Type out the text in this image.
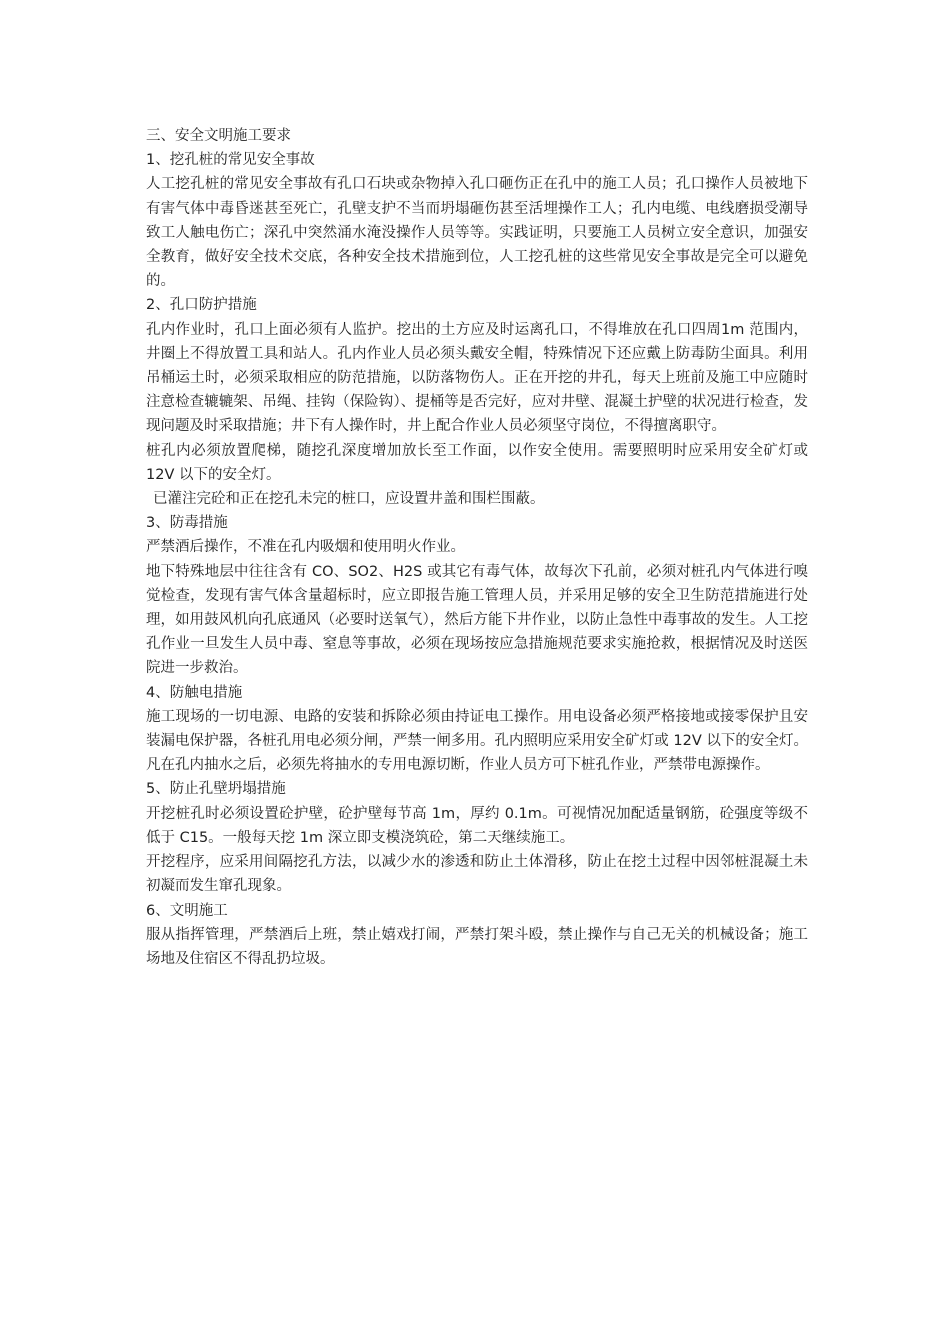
三、安全文明施工要求

1、挖孔桩的常见安全事故

人工挖孔桩的常见安全事故有孔口石块或杂物掉入孔口砸伤正在孔中的施工人员；孔口操作人员被地下有害气体中毒昏迷甚至死亡，孔壁支护不当而坍塌砸伤甚至活埋操作工人；孔内电缆、电线磨损受潮导致工人触电伤亡；深孔中突然涌水淹没操作人员等等。实践证明，只要施工人员树立安全意识，加强安全教育，做好安全技术交底，各种安全技术措施到位，人工挖孔桩的这些常见安全事故是完全可以避免的。

2、孔口防护措施

孔内作业时，孔口上面必须有人监护。挖出的土方应及时运离孔口，不得堆放在孔口四周1m 范围内，井圈上不得放置工具和站人。孔内作业人员必须头戴安全帽，特殊情况下还应戴上防毒防尘面具。利用吊桶运土时，必须采取相应的防范措施，以防落物伤人。正在开挖的井孔，每天上班前及施工中应随时注意检查辘辘架、吊绳、挂钩（保险钩）、提桶等是否完好，应对井壁、混凝土护壁的状况进行检查，发现问题及时采取措施；井下有人操作时，井上配合作业人员必须坚守岗位，不得擅离职守。

桩孔内必须放置爬梯，随挖孔深度增加放长至工作面，以作安全使用。需要照明时应采用安全矿灯或 12V 以下的安全灯。

已灌注完砼和正在挖孔未完的桩口，应设置井盖和围栏围蔽。

3、防毒措施

严禁酒后操作，不准在孔内吸烟和使用明火作业。

地下特殊地层中往往含有 CO、SO2、H2S 或其它有毒气体，故每次下孔前，必须对桩孔内气体进行嗅觉检查，发现有害气体含量超标时，应立即报告施工管理人员，并采用足够的安全卫生防范措施进行处理，如用鼓风机向孔底通风（必要时送氧气），然后方能下井作业，以防止急性中毒事故的发生。人工挖孔作业一旦发生人员中毒、窒息等事故，必须在现场按应急措施规范要求实施抢救，根据情况及时送医院进一步救治。

4、防触电措施

施工现场的一切电源、电路的安装和拆除必须由持证电工操作。用电设备必须严格接地或接零保护且安装漏电保护器，各桩孔用电必须分闸，严禁一闸多用。孔内照明应采用安全矿灯或 12V 以下的安全灯。凡在孔内抽水之后，必须先将抽水的专用电源切断，作业人员方可下桩孔作业，严禁带电源操作。

5、防止孔壁坍塌措施

开挖桩孔时必须设置砼护壁，砼护壁每节高 1m，厚约 0.1m。可视情况加配适量钢筋，砼强度等级不低于 C15。一般每天挖 1m 深立即支模浇筑砼，第二天继续施工。

开挖程序，应采用间隔挖孔方法，以减少水的渗透和防止土体滑移，防止在挖土过程中因邻桩混凝土未初凝而发生窜孔现象。

6、文明施工

服从指挥管理，严禁酒后上班，禁止嬉戏打闹，严禁打架斗殴，禁止操作与自己无关的机械设备；施工场地及住宿区不得乱扔垃圾。
